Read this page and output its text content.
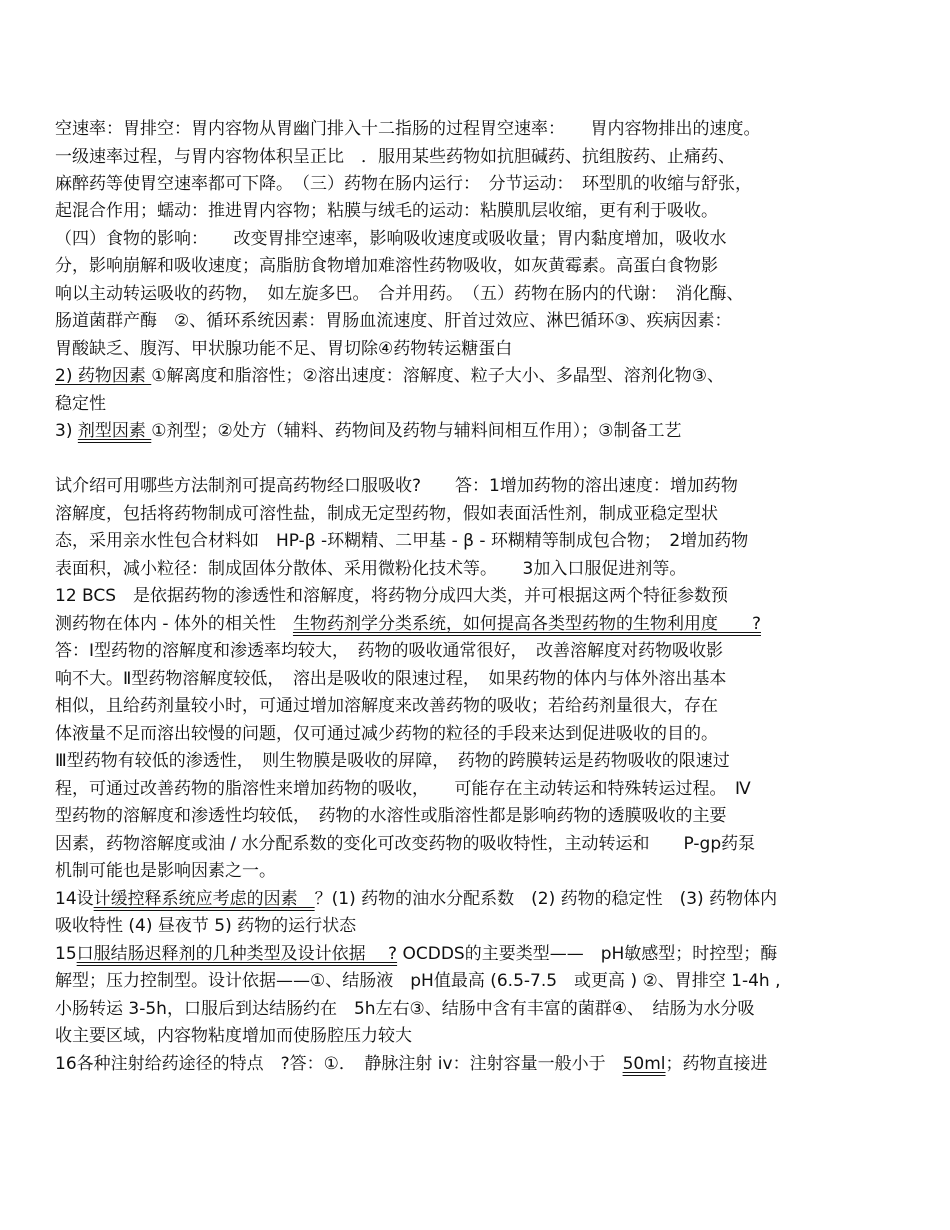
空速率：胃排空：胃内容物从胃幽门排入十二指肠的过程胃空速率：　　胃内容物排出的速度。
一级速率过程，与胃内容物体积呈正比　．服用某些药物如抗胆碱药、抗组胺药、止痛药、
麻醉药等使胃空速率都可下降。　（三）药物在肠内运行：　分节运动：　环型肌的收缩与舒张，
起混合作用；蠕动：推进胃内容物；粘膜与绒毛的运动：粘膜肌层收缩，更有利于吸收。
（四）食物的影响：　　改变胃排空速率，影响吸收速度或吸收量；胃内黏度增加，吸收水
分，影响崩解和吸收速度；高脂肪食物增加难溶性药物吸收，如灰黄霉素。高蛋白食物影
响以主动转运吸收的药物，　如左旋多巴。　合并用药。　（五）药物在肠内的代谢：　消化酶、
肠道菌群产酶　②、循环系统因素：胃肠血流速度、肝首过效应、淋巴循环③、疾病因素：
胃酸缺乏、腹泻、甲状腺功能不足、胃切除④药物转运糖蛋白
2) 药物因素 ①解离度和脂溶性；②溶出速度：溶解度、粒子大小、多晶型、溶剂化物③、
稳定性
3) 剂型因素 ①剂型；②处方（辅料、药物间及药物与辅料间相互作用）；③制备工艺
试介绍可用哪些方法制剂可提高药物经口服吸收?　　答：1增加药物的溶出速度：增加药物
溶解度，包括将药物制成可溶性盐，制成无定型药物，假如表面活性剂，制成亚稳定型状
态，采用亲水性包合材料如　HP-β -环糊精、二甲基 - β - 环糊精等制成包合物；　2增加药物
表面积，减小粒径：制成固体分散体、采用微粉化技术等。　　3加入口服促进剂等。
12 BCS　是依据药物的渗透性和溶解度，将药物分成四大类，并可根据这两个特征参数预
测药物在体内 - 体外的相关性　生物药剂学分类系统，如何提高各类型药物的生物利用度　　?
答：Ⅰ型药物的溶解度和渗透率均较大，　药物的吸收通常很好，　改善溶解度对药物吸收影
响不大。Ⅱ型药物溶解度较低，　溶出是吸收的限速过程，　如果药物的体内与体外溶出基本
相似，且给药剂量较小时，可通过增加溶解度来改善药物的吸收；若给药剂量很大，存在
体液量不足而溶出较慢的问题，仅可通过减少药物的粒径的手段来达到促进吸收的目的。
Ⅲ型药物有较低的渗透性，　则生物膜是吸收的屏障，　药物的跨膜转运是药物吸收的限速过
程，可通过改善药物的脂溶性来增加药物的吸收，　　可能存在主动转运和特殊转运过程。　Ⅳ
型药物的溶解度和渗透性均较低，　药物的水溶性或脂溶性都是影响药物的透膜吸收的主要
因素，药物溶解度或油 / 水分配系数的变化可改变药物的吸收特性，主动转运和　　P-gp药泵
机制可能也是影响因素之一。
14设计缓控释系统应考虑的因素　？(1) 药物的油水分配系数　(2) 药物的稳定性　(3) 药物体内
吸收特性 (4) 昼夜节 5) 药物的运行状态
15口服结肠迟释剂的几种类型及设计依据　 ? OCDDS的主要类型——　pH敏感型；时控型；酶
解型；压力控制型。设计依据——①、结肠液　pH值最高 (6.5-7.5　或更高 ) ②、胃排空 1-4h ,
小肠转运 3-5h，口服后到达结肠约在　5h左右③、结肠中含有丰富的菌群④、　结肠为水分吸
收主要区域，内容物粘度增加而使肠腔压力较大
16各种注射给药途径的特点　?答：①．　静脉注射 iv：注射容量一般小于　50ml；药物直接进
